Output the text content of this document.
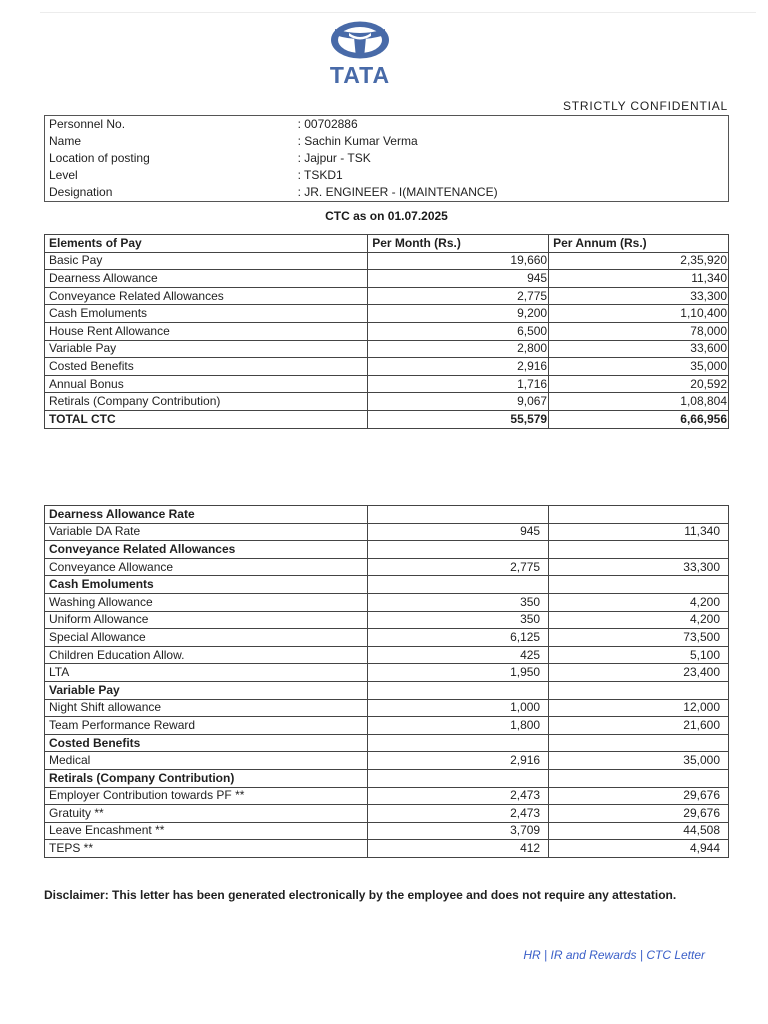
TATA
STRICTLY CONFIDENTIAL
Personnel No.	: 00702886
Name	: Sachin Kumar Verma
Location of posting	: Jajpur - TSK
Level	: TSKD1
Designation	: JR. ENGINEER - I(MAINTENANCE)
CTC as on 01.07.2025
Elements of Pay	Per Month (Rs.)	Per Annum (Rs.)
Basic Pay	19,660	2,35,920
Dearness Allowance	945	11,340
Conveyance Related Allowances	2,775	33,300
Cash Emoluments	9,200	1,10,400
House Rent Allowance	6,500	78,000
Variable Pay	2,800	33,600
Costed Benefits	2,916	35,000
Annual Bonus	1,716	20,592
Retirals (Company Contribution)	9,067	1,08,804
TOTAL CTC	55,579	6,66,956
Dearness Allowance Rate		
Variable DA Rate	945	11,340
Conveyance Related Allowances		
Conveyance Allowance	2,775	33,300
Cash Emoluments		
Washing Allowance	350	4,200
Uniform Allowance	350	4,200
Special Allowance	6,125	73,500
Children Education Allow.	425	5,100
LTA	1,950	23,400
Variable Pay		
Night Shift allowance	1,000	12,000
Team Performance Reward	1,800	21,600
Costed Benefits		
Medical	2,916	35,000
Retirals (Company Contribution)		
Employer Contribution towards PF **	2,473	29,676
Gratuity **	2,473	29,676
Leave Encashment **	3,709	44,508
TEPS **	412	4,944
Disclaimer: This letter has been generated electronically by the employee and does not require any attestation.
HR | IR and Rewards | CTC Letter
